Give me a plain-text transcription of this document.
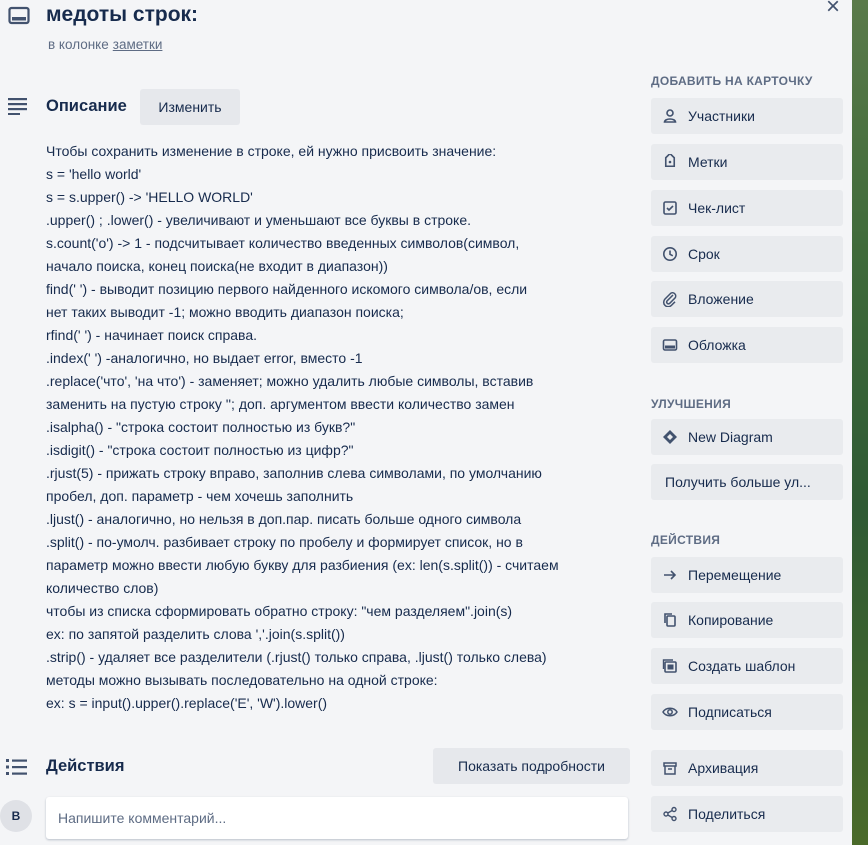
медоты строк:	×
в колонке заметки
Описание	Изменить
Чтобы сохранить изменение в строке, ей нужно присвоить значение:
s = 'hello world'
s = s.upper() -> 'HELLO WORLD'
.upper() ; .lower() - увеличивают и уменьшают все буквы в строке.
s.count('o') -> 1 - подсчитывает количество введенных символов(символ,
начало поиска, конец поиска(не входит в диапазон))
find(' ') - выводит позицию первого найденного искомого символа/ов, если
нет таких выводит -1; можно вводить диапазон поиска;
rfind(' ') - начинает поиск справа.
.index(' ') -аналогично, но выдает error, вместо -1
.replace('что', 'на что') - заменяет; можно удалить любые символы, вставив
заменить на пустую строку ''; доп. аргументом ввести количество замен
.isalpha() - "строка состоит полностью из букв?"
.isdigit() - "строка состоит полностью из цифр?"
.rjust(5) - прижать строку вправо, заполнив слева символами, по умолчанию
пробел, доп. параметр - чем хочешь заполнить
.ljust() - аналогично, но нельзя в доп.пар. писать больше одного символа
.split() - по-умолч. разбивает строку по пробелу и формирует список, но в
параметр можно ввести любую букву для разбиения (ex: len(s.split()) - считаем
количество слов)
чтобы из списка сформировать обратно строку: "чем разделяем".join(s)
ex: по запятой разделить слова ','.join(s.split())
.strip() - удаляет все разделители (.rjust() только справа, .ljust() только слева)
методы можно вызывать последовательно на одной строке:
ex: s = input().upper().replace('E', 'W').lower()
Действия	Показать подробности
В	Напишите комментарий...
ДОБАВИТЬ НА КАРТОЧКУ
Участники
Метки
Чек-лист
Срок
Вложение
Обложка
УЛУЧШЕНИЯ
New Diagram
Получить больше ул...
ДЕЙСТВИЯ
Перемещение
Копирование
Создать шаблон
Подписаться
Архивация
Поделиться
